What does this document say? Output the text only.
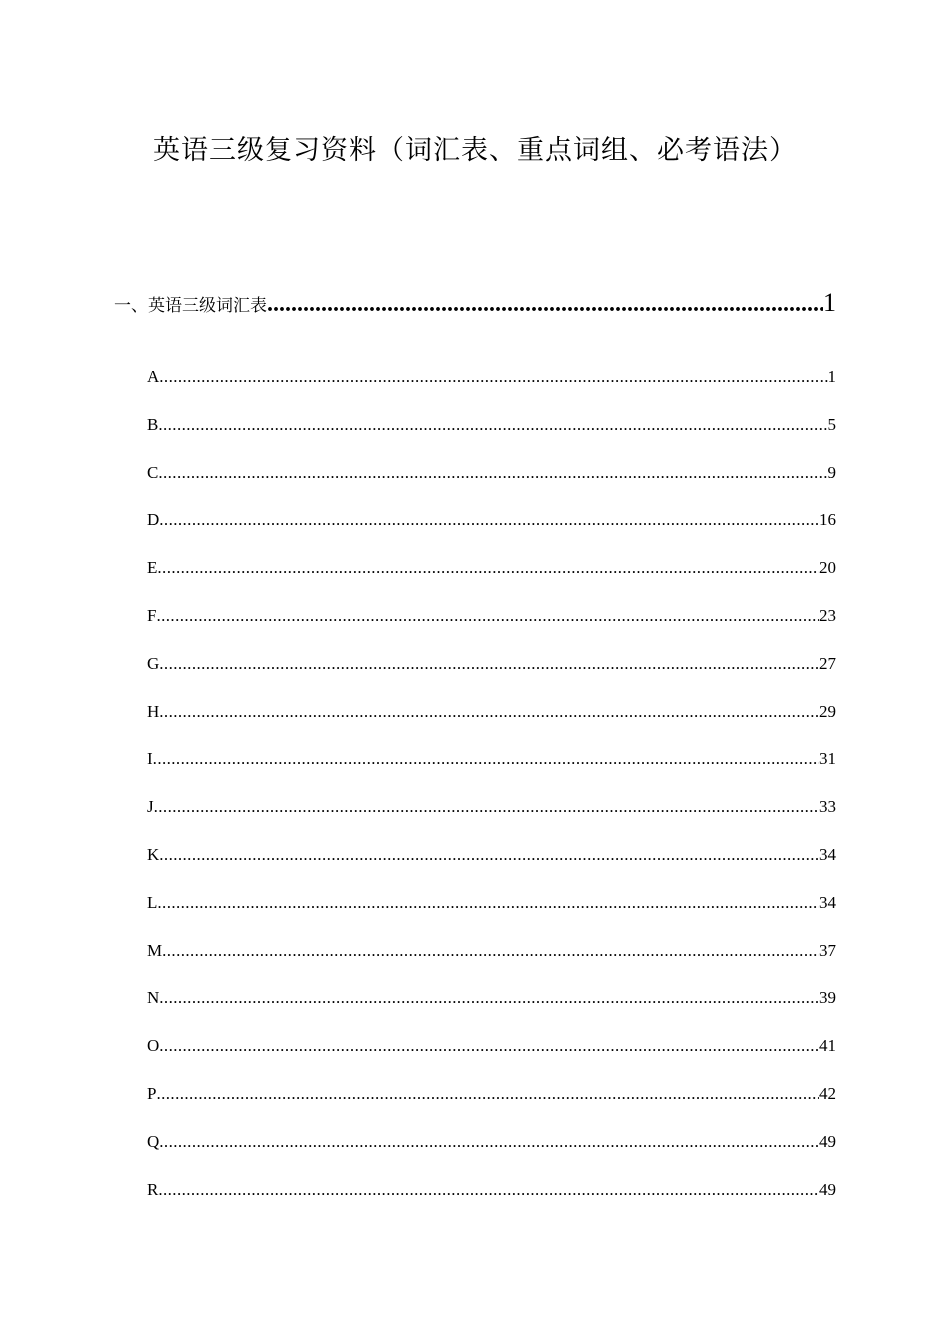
英语三级复习资料（词汇表、重点词组、必考语法）
一、英语三级词汇表 .....	1
A .....	1
B .....	5
C .....	9
D .....	16
E .....	20
F .....	23
G .....	27
H .....	29
I .....	31
J .....	33
K .....	34
L .....	34
M .....	37
N .....	39
O .....	41
P .....	42
Q .....	49
R .....	49
